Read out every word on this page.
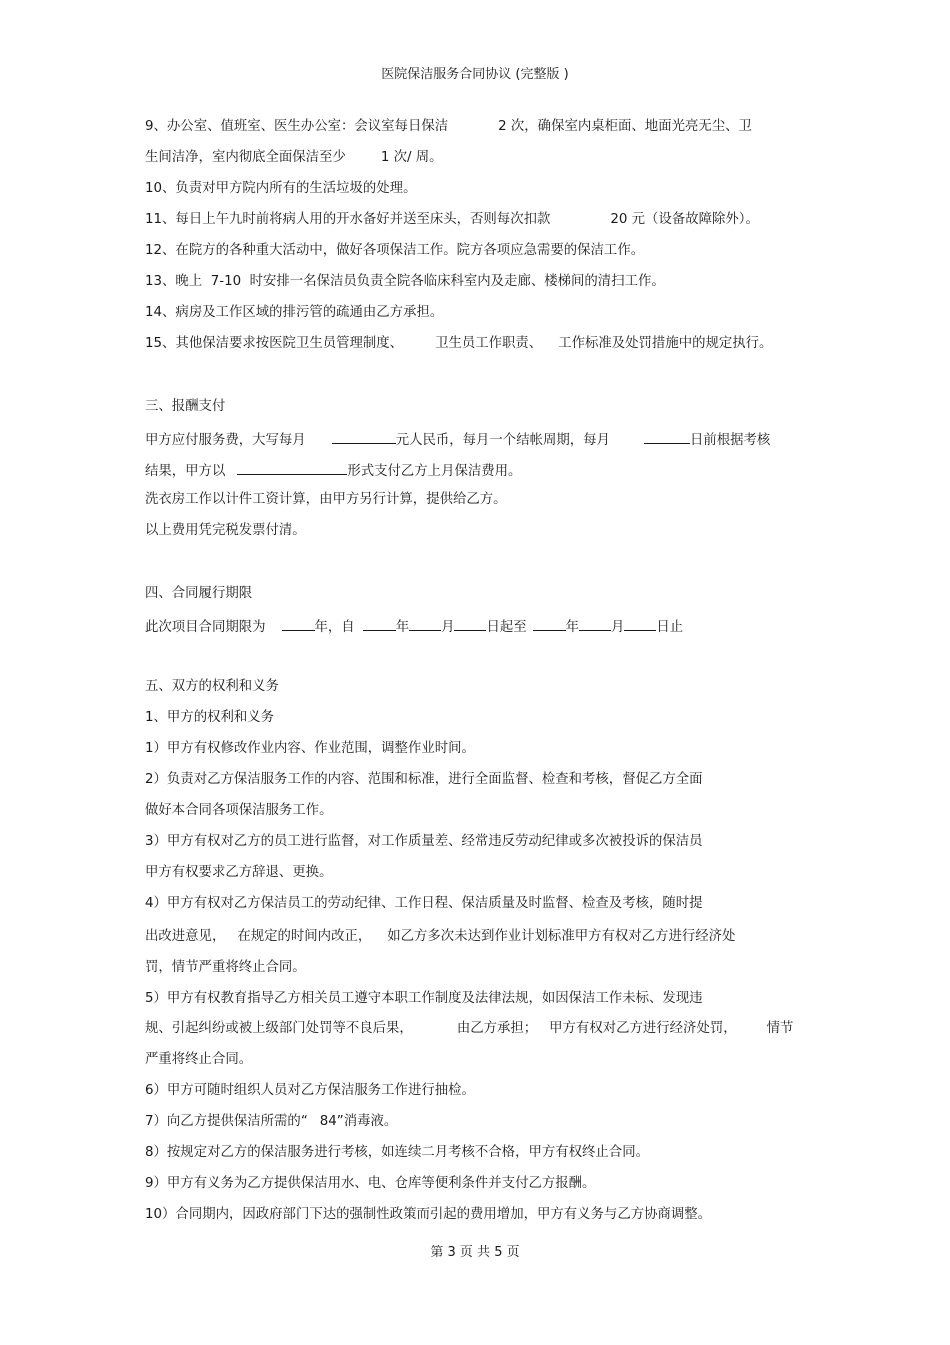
医院保洁服务合同协议 (完整版 )
9、办公室、值班室、医生办公室：会议室每日保洁	2 次，确保室内桌柜面、地面光亮无尘、卫
生间洁净，室内彻底全面保洁至少	1 次/ 周。
10、负责对甲方院内所有的生活垃圾的处理。
11、每日上午九时前将病人用的开水备好并送至床头，否则每次扣款	20 元（设备故障除外）。
12、在院方的各种重大活动中，做好各项保洁工作。院方各项应急需要的保洁工作。
13、晚上  7-10  时安排一名保洁员负责全院各临床科室内及走廊、楼梯间的清扫工作。
14、病房及工作区域的排污管的疏通由乙方承担。
15、其他保洁要求按医院卫生员管理制度、 卫生员工作职责、 工作标准及处罚措施中的规定执行。
三、报酬支付
甲方应付服务费，大写每月	元人民币，每月一个结帐周期，每月	日前根据考核
结果，甲方以	形式支付乙方上月保洁费用。
洗衣房工作以计件工资计算，由甲方另行计算，提供给乙方。
以上费用凭完税发票付清。
四、合同履行期限
此次项目合同期限为	年，自	年 月 日起至	年 月 日止
五、双方的权利和义务
1、甲方的权利和义务
1）甲方有权修改作业内容、作业范围，调整作业时间。
2）负责对乙方保洁服务工作的内容、范围和标准，进行全面监督、检查和考核，督促乙方全面
做好本合同各项保洁服务工作。
3）甲方有权对乙方的员工进行监督，对工作质量差、经常违反劳动纪律或多次被投诉的保洁员
甲方有权要求乙方辞退、更换。
4）甲方有权对乙方保洁员工的劳动纪律、工作日程、保洁质量及时监督、检查及考核，随时提
出改进意见， 在规定的时间内改正， 如乙方多次未达到作业计划标准甲方有权对乙方进行经济处
罚，情节严重将终止合同。
5）甲方有权教育指导乙方相关员工遵守本职工作制度及法律法规，如因保洁工作未标、发现违
规、引起纠纷或被上级部门处罚等不良后果，	由乙方承担； 甲方有权对乙方进行经济处罚， 情节
严重将终止合同。
6）甲方可随时组织人员对乙方保洁服务工作进行抽检。
7）向乙方提供保洁所需的“ 84”消毒液。
8）按规定对乙方的保洁服务进行考核，如连续二月考核不合格，甲方有权终止合同。
9）甲方有义务为乙方提供保洁用水、电、仓库等便利条件并支付乙方报酬。
10）合同期内，因政府部门下达的强制性政策而引起的费用增加，甲方有义务与乙方协商调整。
第 3 页 共 5 页
